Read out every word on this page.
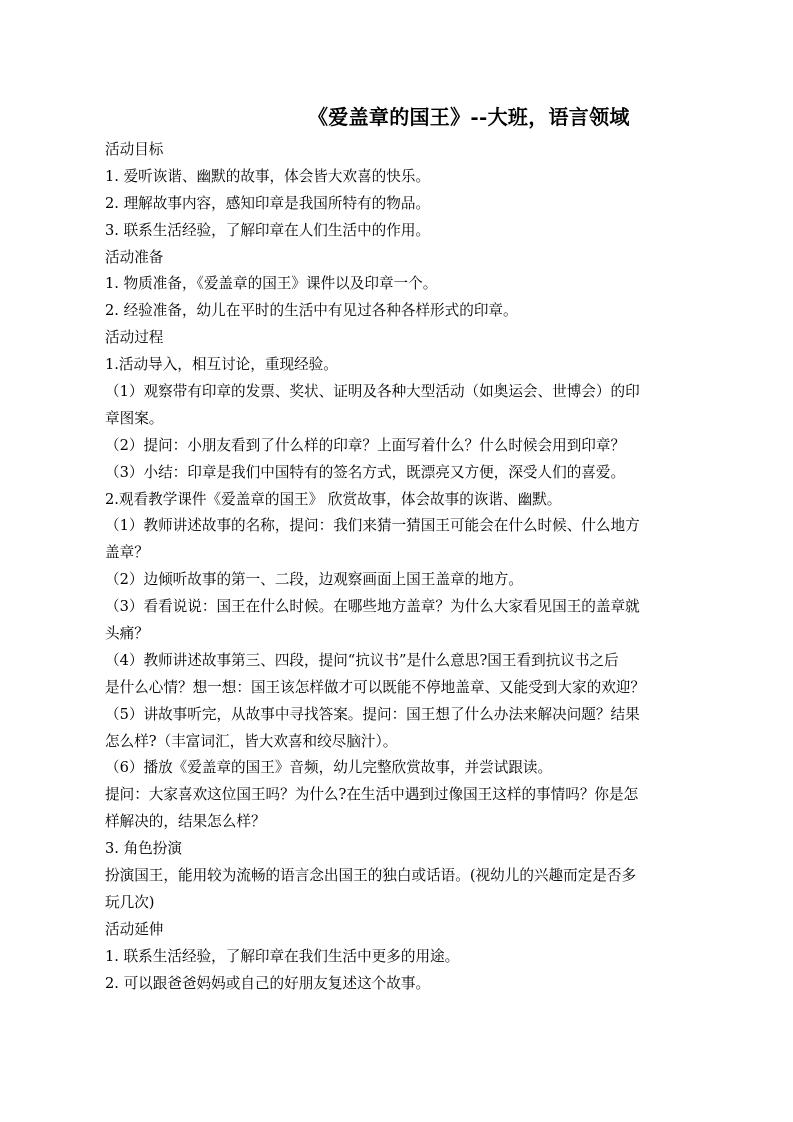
《爱盖章的国王》--大班，语言领域
活动目标
1. 爱听诙谐、幽默的故事，体会皆大欢喜的快乐。
2. 理解故事内容，感知印章是我国所特有的物品。
3. 联系生活经验，了解印章在人们生活中的作用。
活动准备
1. 物质准备，《爱盖章的国王》课件以及印章一个。
2. 经验准备，幼儿在平时的生活中有见过各种各样形式的印章。
活动过程
1.活动导入，相互讨论，重现经验。
（1）观察带有印章的发票、奖状、证明及各种大型活动（如奥运会、世博会）的印
章图案。
（2）提问：小朋友看到了什么样的印章？上面写着什么？什么时候会用到印章？
（3）小结：印章是我们中国特有的签名方式，既漂亮又方便，深受人们的喜爱。
2.观看教学课件《爱盖章的国王》 欣赏故事，体会故事的诙谐、幽默。
（1）教师讲述故事的名称，提问：我们来猜一猜国王可能会在什么时候、什么地方
盖章？
（2）边倾听故事的第一、二段，边观察画面上国王盖章的地方。
（3）看看说说：国王在什么时候。在哪些地方盖章？为什么大家看见国王的盖章就
头痛？
（4）教师讲述故事第三、四段，提问“抗议书”是什么意思?国王看到抗议书之后
是什么心情？想一想：国王该怎样做才可以既能不停地盖章、又能受到大家的欢迎？
（5）讲故事听完，从故事中寻找答案。提问：国王想了什么办法来解决问题？结果
怎么样?（丰富词汇，皆大欢喜和绞尽脑汁）。
（6）播放《爱盖章的国王》音频，幼儿完整欣赏故事，并尝试跟读。
提问：大家喜欢这位国王吗？为什么?在生活中遇到过像国王这样的事情吗？你是怎
样解决的，结果怎么样？
3. 角色扮演
扮演国王，能用较为流畅的语言念出国王的独白或话语。(视幼儿的兴趣而定是否多
玩几次)
活动延伸
1. 联系生活经验，了解印章在我们生活中更多的用途。
2. 可以跟爸爸妈妈或自己的好朋友复述这个故事。
